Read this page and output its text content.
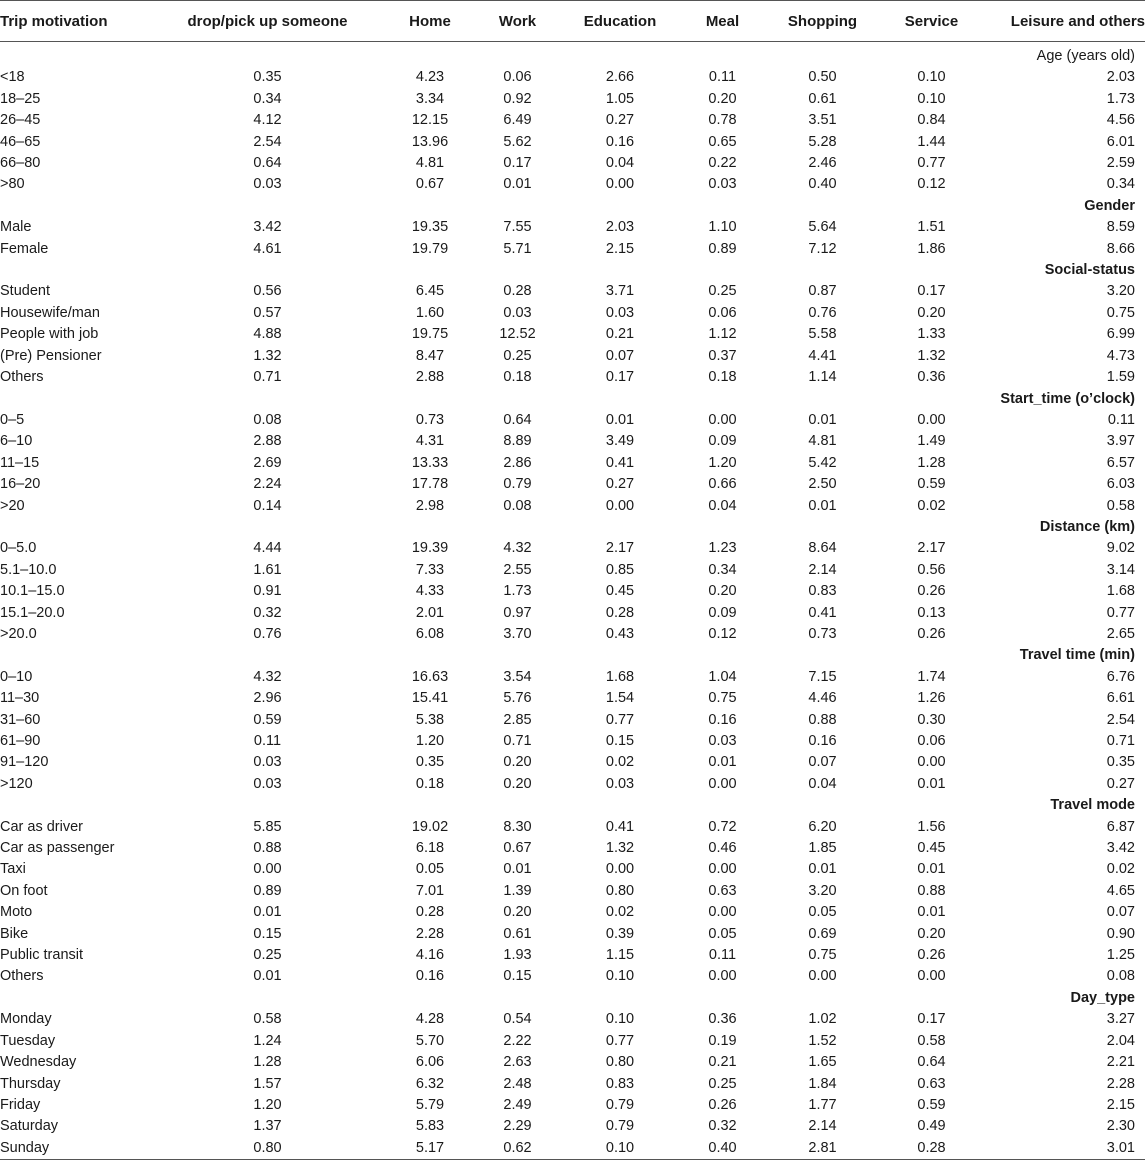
Trip motivation	drop/pick up someone	Home	Work	Education	Meal	Shopping	Service	Leisure and others

Age (years old)								
<18	0.35	4.23	0.06	2.66	0.11	0.50	0.10	2.03
18–25	0.34	3.34	0.92	1.05	0.20	0.61	0.10	1.73
26–45	4.12	12.15	6.49	0.27	0.78	3.51	0.84	4.56
46–65	2.54	13.96	5.62	0.16	0.65	5.28	1.44	6.01
66–80	0.64	4.81	0.17	0.04	0.22	2.46	0.77	2.59
>80	0.03	0.67	0.01	0.00	0.03	0.40	0.12	0.34
Gender								
Male	3.42	19.35	7.55	2.03	1.10	5.64	1.51	8.59
Female	4.61	19.79	5.71	2.15	0.89	7.12	1.86	8.66
Social-status								
Student	0.56	6.45	0.28	3.71	0.25	0.87	0.17	3.20
Housewife/man	0.57	1.60	0.03	0.03	0.06	0.76	0.20	0.75
People with job	4.88	19.75	12.52	0.21	1.12	5.58	1.33	6.99
(Pre) Pensioner	1.32	8.47	0.25	0.07	0.37	4.41	1.32	4.73
Others	0.71	2.88	0.18	0.17	0.18	1.14	0.36	1.59
Start_time (o’clock)								
0–5	0.08	0.73	0.64	0.01	0.00	0.01	0.00	0.11
6–10	2.88	4.31	8.89	3.49	0.09	4.81	1.49	3.97
11–15	2.69	13.33	2.86	0.41	1.20	5.42	1.28	6.57
16–20	2.24	17.78	0.79	0.27	0.66	2.50	0.59	6.03
>20	0.14	2.98	0.08	0.00	0.04	0.01	0.02	0.58
Distance (km)								
0–5.0	4.44	19.39	4.32	2.17	1.23	8.64	2.17	9.02
5.1–10.0	1.61	7.33	2.55	0.85	0.34	2.14	0.56	3.14
10.1–15.0	0.91	4.33	1.73	0.45	0.20	0.83	0.26	1.68
15.1–20.0	0.32	2.01	0.97	0.28	0.09	0.41	0.13	0.77
>20.0	0.76	6.08	3.70	0.43	0.12	0.73	0.26	2.65
Travel time (min)								
0–10	4.32	16.63	3.54	1.68	1.04	7.15	1.74	6.76
11–30	2.96	15.41	5.76	1.54	0.75	4.46	1.26	6.61
31–60	0.59	5.38	2.85	0.77	0.16	0.88	0.30	2.54
61–90	0.11	1.20	0.71	0.15	0.03	0.16	0.06	0.71
91–120	0.03	0.35	0.20	0.02	0.01	0.07	0.00	0.35
>120	0.03	0.18	0.20	0.03	0.00	0.04	0.01	0.27
Travel mode								
Car as driver	5.85	19.02	8.30	0.41	0.72	6.20	1.56	6.87
Car as passenger	0.88	6.18	0.67	1.32	0.46	1.85	0.45	3.42
Taxi	0.00	0.05	0.01	0.00	0.00	0.01	0.01	0.02
On foot	0.89	7.01	1.39	0.80	0.63	3.20	0.88	4.65
Moto	0.01	0.28	0.20	0.02	0.00	0.05	0.01	0.07
Bike	0.15	2.28	0.61	0.39	0.05	0.69	0.20	0.90
Public transit	0.25	4.16	1.93	1.15	0.11	0.75	0.26	1.25
Others	0.01	0.16	0.15	0.10	0.00	0.00	0.00	0.08
Day_type								
Monday	0.58	4.28	0.54	0.10	0.36	1.02	0.17	3.27
Tuesday	1.24	5.70	2.22	0.77	0.19	1.52	0.58	2.04
Wednesday	1.28	6.06	2.63	0.80	0.21	1.65	0.64	2.21
Thursday	1.57	6.32	2.48	0.83	0.25	1.84	0.63	2.28
Friday	1.20	5.79	2.49	0.79	0.26	1.77	0.59	2.15
Saturday	1.37	5.83	2.29	0.79	0.32	2.14	0.49	2.30
Sunday	0.80	5.17	0.62	0.10	0.40	2.81	0.28	3.01
